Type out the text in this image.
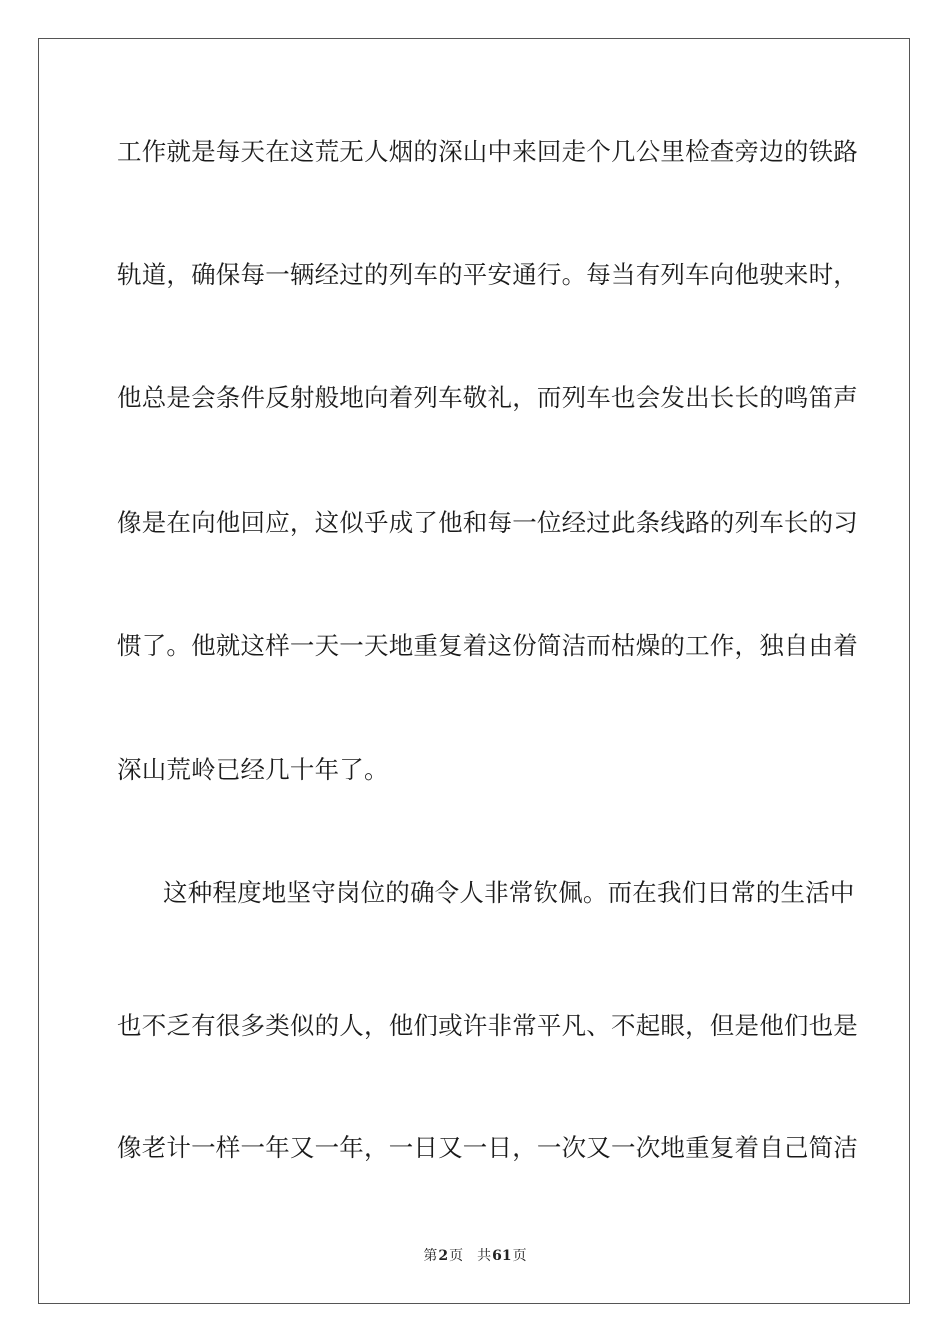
工作就是每天在这荒无人烟的深山中来回走个几公里检查旁边的铁路
轨道，确保每一辆经过的列车的平安通行。每当有列车向他驶来时，
他总是会条件反射般地向着列车敬礼，而列车也会发出长长的鸣笛声
像是在向他回应，这似乎成了他和每一位经过此条线路的列车长的习
惯了。他就这样一天一天地重复着这份简洁而枯燥的工作，独自由着
深山荒岭已经几十年了。
这种程度地坚守岗位的确令人非常钦佩。而在我们日常的生活中
也不乏有很多类似的人，他们或许非常平凡、不起眼，但是他们也是
像老计一样一年又一年，一日又一日，一次又一次地重复着自己简洁
第2页 共61页
